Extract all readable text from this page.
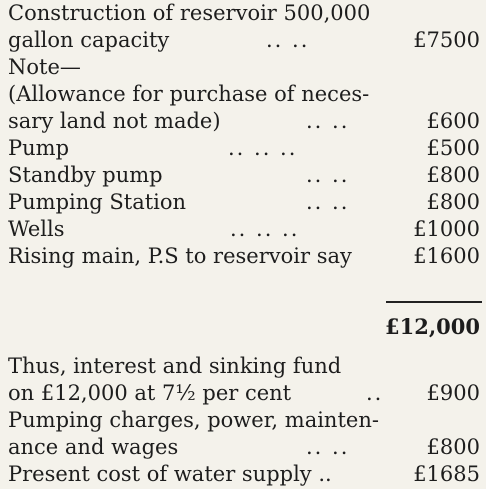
Construction of reservoir 500,000
gallon capacity	.. ..	£7500
Note—
(Allowance for purchase of neces-
sary land not made)	.. ..	£600
Pump	.. .. ..	£500
Standby pump	.. ..	£800
Pumping Station	.. ..	£800
Wells	.. .. ..	£1000
Rising main, P.S to reservoir say	£1600
£12,000
Thus, interest and sinking fund
on £12,000 at 7½ per cent	.. £900
Pumping charges, power, mainten-
ance and wages	.. ..	£800
Present cost of water supply ..	£1685
